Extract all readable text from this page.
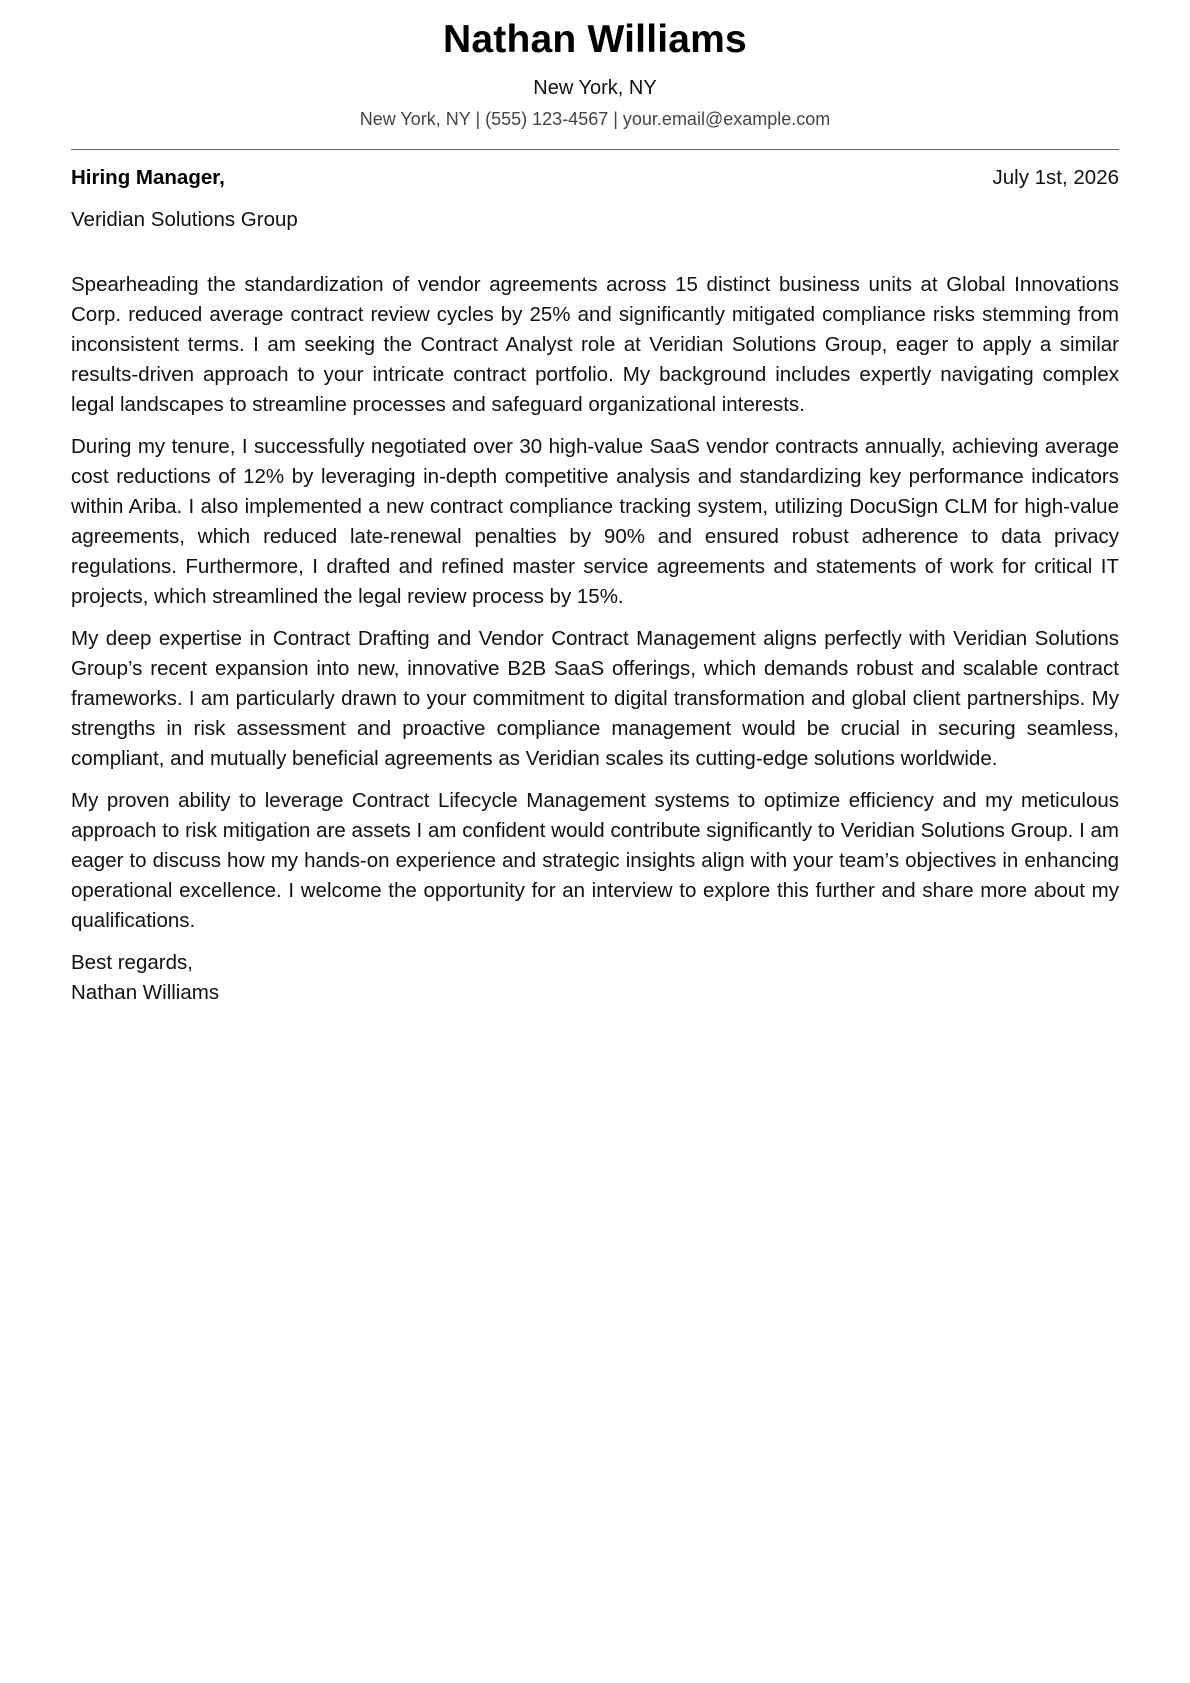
Nathan Williams
New York, NY
New York, NY | (555) 123-4567 | your.email@example.com
Hiring Manager,	July 1st, 2026
Veridian Solutions Group

Spearheading the standardization of vendor agreements across 15 distinct business units at Global Innovations Corp. reduced average contract review cycles by 25% and significantly mitigated compliance risks stemming from inconsistent terms. I am seeking the Contract Analyst role at Veridian Solutions Group, eager to apply a similar results-driven approach to your intricate contract portfolio. My background includes expertly navigating complex legal landscapes to streamline processes and safeguard organizational interests.

During my tenure, I successfully negotiated over 30 high-value SaaS vendor contracts annually, achieving average cost reductions of 12% by leveraging in-depth competitive analysis and standardizing key performance indicators within Ariba. I also implemented a new contract compliance tracking system, utilizing DocuSign CLM for high-value agreements, which reduced late-renewal penalties by 90% and ensured robust adherence to data privacy regulations. Furthermore, I drafted and refined master service agreements and statements of work for critical IT projects, which streamlined the legal review process by 15%.

My deep expertise in Contract Drafting and Vendor Contract Management aligns perfectly with Veridian Solutions Group’s recent expansion into new, innovative B2B SaaS offerings, which demands robust and scalable contract frameworks. I am particularly drawn to your commitment to digital transformation and global client partnerships. My strengths in risk assessment and proactive compliance management would be crucial in securing seamless, compliant, and mutually beneficial agreements as Veridian scales its cutting-edge solutions worldwide.

My proven ability to leverage Contract Lifecycle Management systems to optimize efficiency and my meticulous approach to risk mitigation are assets I am confident would contribute significantly to Veridian Solutions Group. I am eager to discuss how my hands-on experience and strategic insights align with your team’s objectives in enhancing operational excellence. I welcome the opportunity for an interview to explore this further and share more about my qualifications.

Best regards,
Nathan Williams
